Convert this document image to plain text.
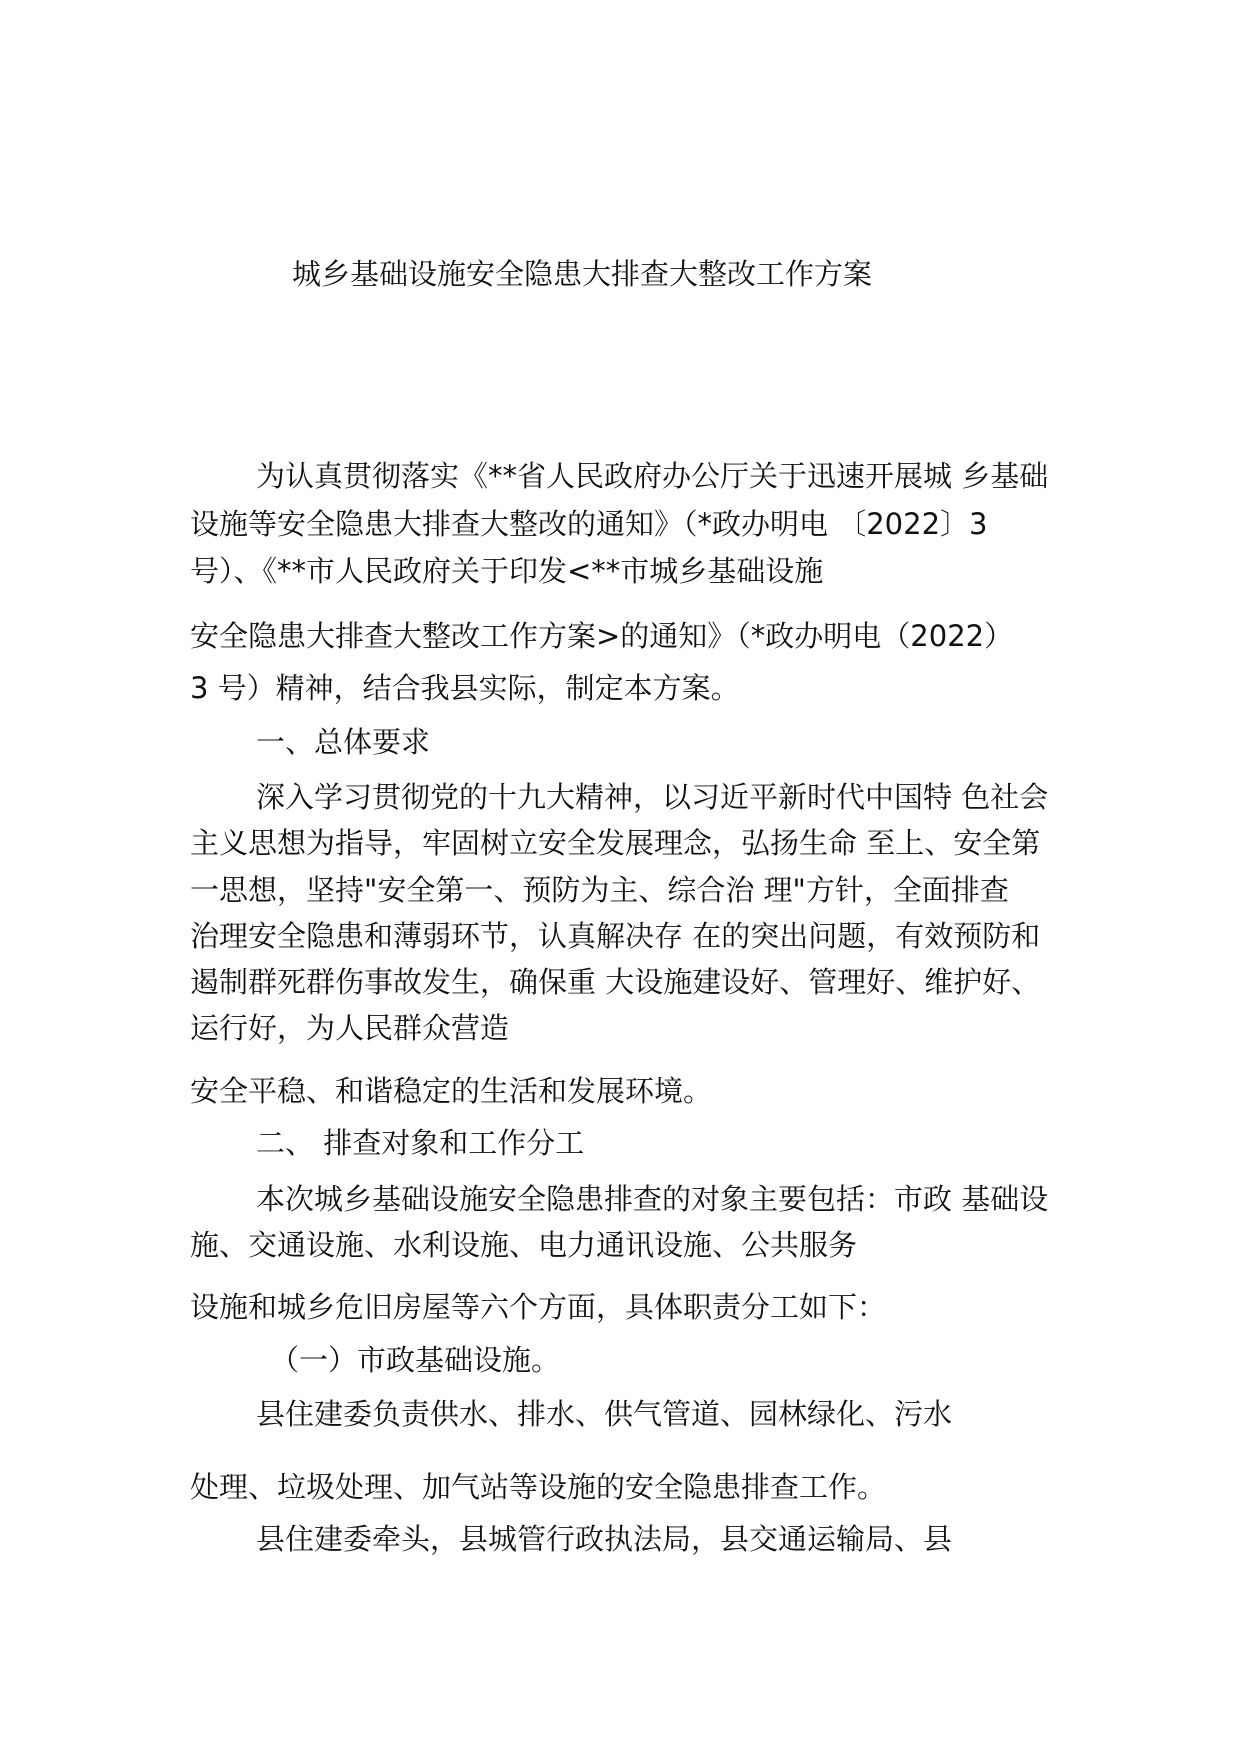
城乡基础设施安全隐患大排查大整改工作方案
为认真贯彻落实《**省人民政府办公厅关于迅速开展城 乡基础
设施等安全隐患大排查大整改的通知》（*政办明电 〔2022〕3
号）、《**市人民政府关于印发<**市城乡基础设施
安全隐患大排查大整改工作方案>的通知》（*政办明电（2022）
3 号）精神，结合我县实际，制定本方案。
一、总体要求
深入学习贯彻党的十九大精神，以习近平新时代中国特 色社会
主义思想为指导，牢固树立安全发展理念，弘扬生命 至上、安全第
一思想，坚持"安全第一、预防为主、综合治 理"方针，全面排查
治理安全隐患和薄弱环节，认真解决存 在的突出问题，有效预防和
遏制群死群伤事故发生，确保重 大设施建设好、管理好、维护好、
运行好，为人民群众营造
安全平稳、和谐稳定的生活和发展环境。
二、 排查对象和工作分工
本次城乡基础设施安全隐患排查的对象主要包括：市政 基础设
施、交通设施、水利设施、电力通讯设施、公共服务
设施和城乡危旧房屋等六个方面，具体职责分工如下：
（一）市政基础设施。
县住建委负责供水、排水、供气管道、园林绿化、污水
处理、垃圾处理、加气站等设施的安全隐患排查工作。
县住建委牵头，县城管行政执法局，县交通运输局、县
